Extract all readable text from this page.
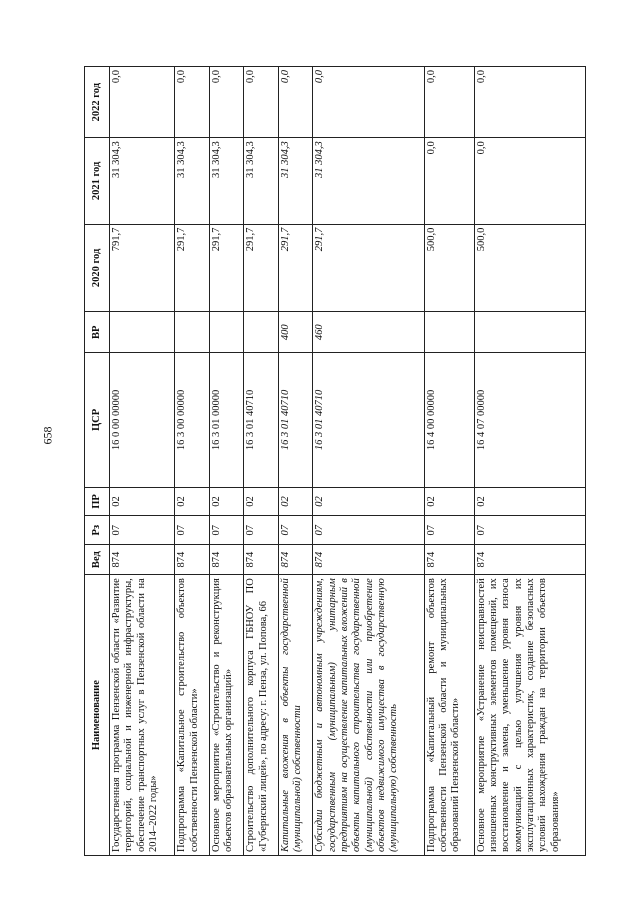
658
Наименование	Вед	Рз	ПР	ЦСР	ВР	2020 год	2021 год	2022 год
Государственная программа Пензенской области «Развитие территорий, социальной и инженерной инфраструктуры, обеспечение транспортных услуг в Пензенской области на 2014–2022 годы»	874	07	02	16 0 00 00000		791,7	31 304,3	0,0
Подпрограмма «Капитальное строительство объектов собственности Пензенской области»	874	07	02	16 3 00 00000		291,7	31 304,3	0,0
Основное мероприятие «Строительство и реконструкция объектов образовательных организаций»	874	07	02	16 3 01 00000		291,7	31 304,3	0,0
Строительство дополнительного корпуса ГБНОУ ПО «Губернский лицей», по адресу: г. Пенза, ул. Попова, 66	874	07	02	16 3 01 40710		291,7	31 304,3	0,0
Капитальные вложения в объекты государственной (муниципальной) собственности	874	07	02	16 3 01 40710	400	291,7	31 304,3	0,0
Субсидии бюджетным и автономным учреждениям, государственным (муниципальным) унитарным предприятиям на осуществление капитальных вложений в объекты капитального строительства государственной (муниципальной) собственности или приобретение объектов недвижимого имущества в государственную (муниципальную) собственность	874	07	02	16 3 01 40710	460	291,7	31 304,3	0,0
Подпрограмма «Капитальный ремонт объектов собственности Пензенской области и муниципальных образований Пензенской области»	874	07	02	16 4 00 00000		500,0	0,0	0,0
Основное мероприятие «Устранение неисправностей изношенных конструктивных элементов помещений, их восстановление и замена, уменьшение уровня износа коммуникаций с целью улучшения уровня их эксплуатационных характеристик, создание безопасных условий нахождения граждан на территории объектов образования»	874	07	02	16 4 07 00000		500,0	0,0	0,0
